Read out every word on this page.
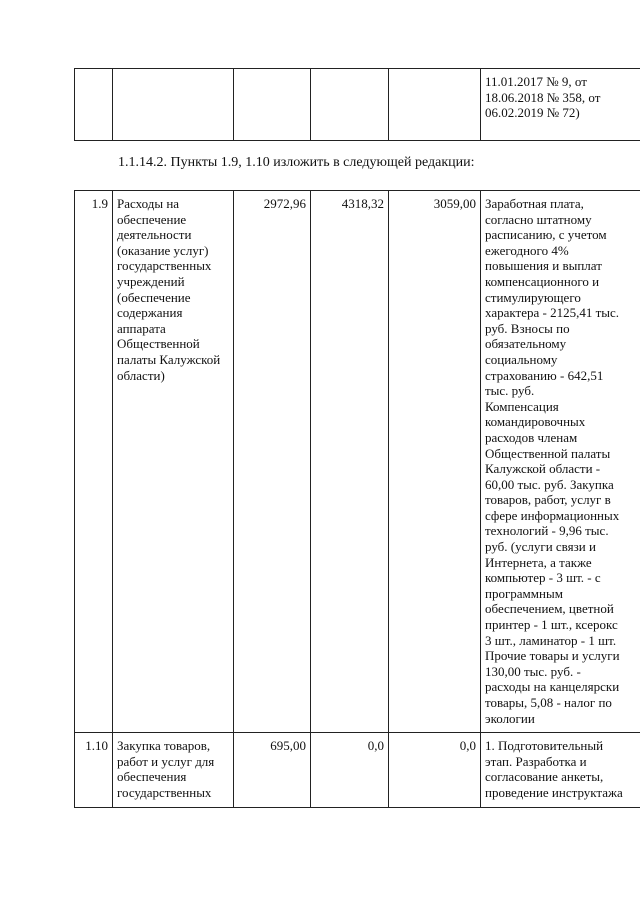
11.01.2017 № 9, от
18.06.2018 № 358, от
06.02.2019 № 72)
1.1.14.2. Пункты 1.9, 1.10 изложить в следующей редакции:
1.9 Расходы на
обеспечение
деятельности
(оказание услуг)
государственных
учреждений
(обеспечение
содержания
аппарата
Общественной
палаты Калужской
области)
2972,96	4318,32	3059,00 Заработная плата,
согласно штатному
расписанию, с учетом
ежегодного 4%
повышения и выплат
компенсационного и
стимулирующего
характера - 2125,41 тыс.
руб. Взносы по
обязательному
социальному
страхованию - 642,51
тыс. руб.
Компенсация
командировочных
расходов членам
Общественной палаты
Калужской области -
60,00 тыс. руб. Закупка
товаров, работ, услуг в
сфере информационных
технологий - 9,96 тыс.
руб. (услуги связи и
Интернета, а также
компьютер - 3 шт. - с
программным
обеспечением, цветной
принтер - 1 шт., ксерокс
3 шт., ламинатор - 1 шт.
Прочие товары и услуги
130,00 тыс. руб. -
расходы на канцелярски
товары, 5,08 - налог по
экологии
1.10 Закупка товаров,
работ и услуг для
обеспечения
государственных
695,00	0,0	0,0 1. Подготовительный
этап. Разработка и
согласование анкеты,
проведение инструктажа
